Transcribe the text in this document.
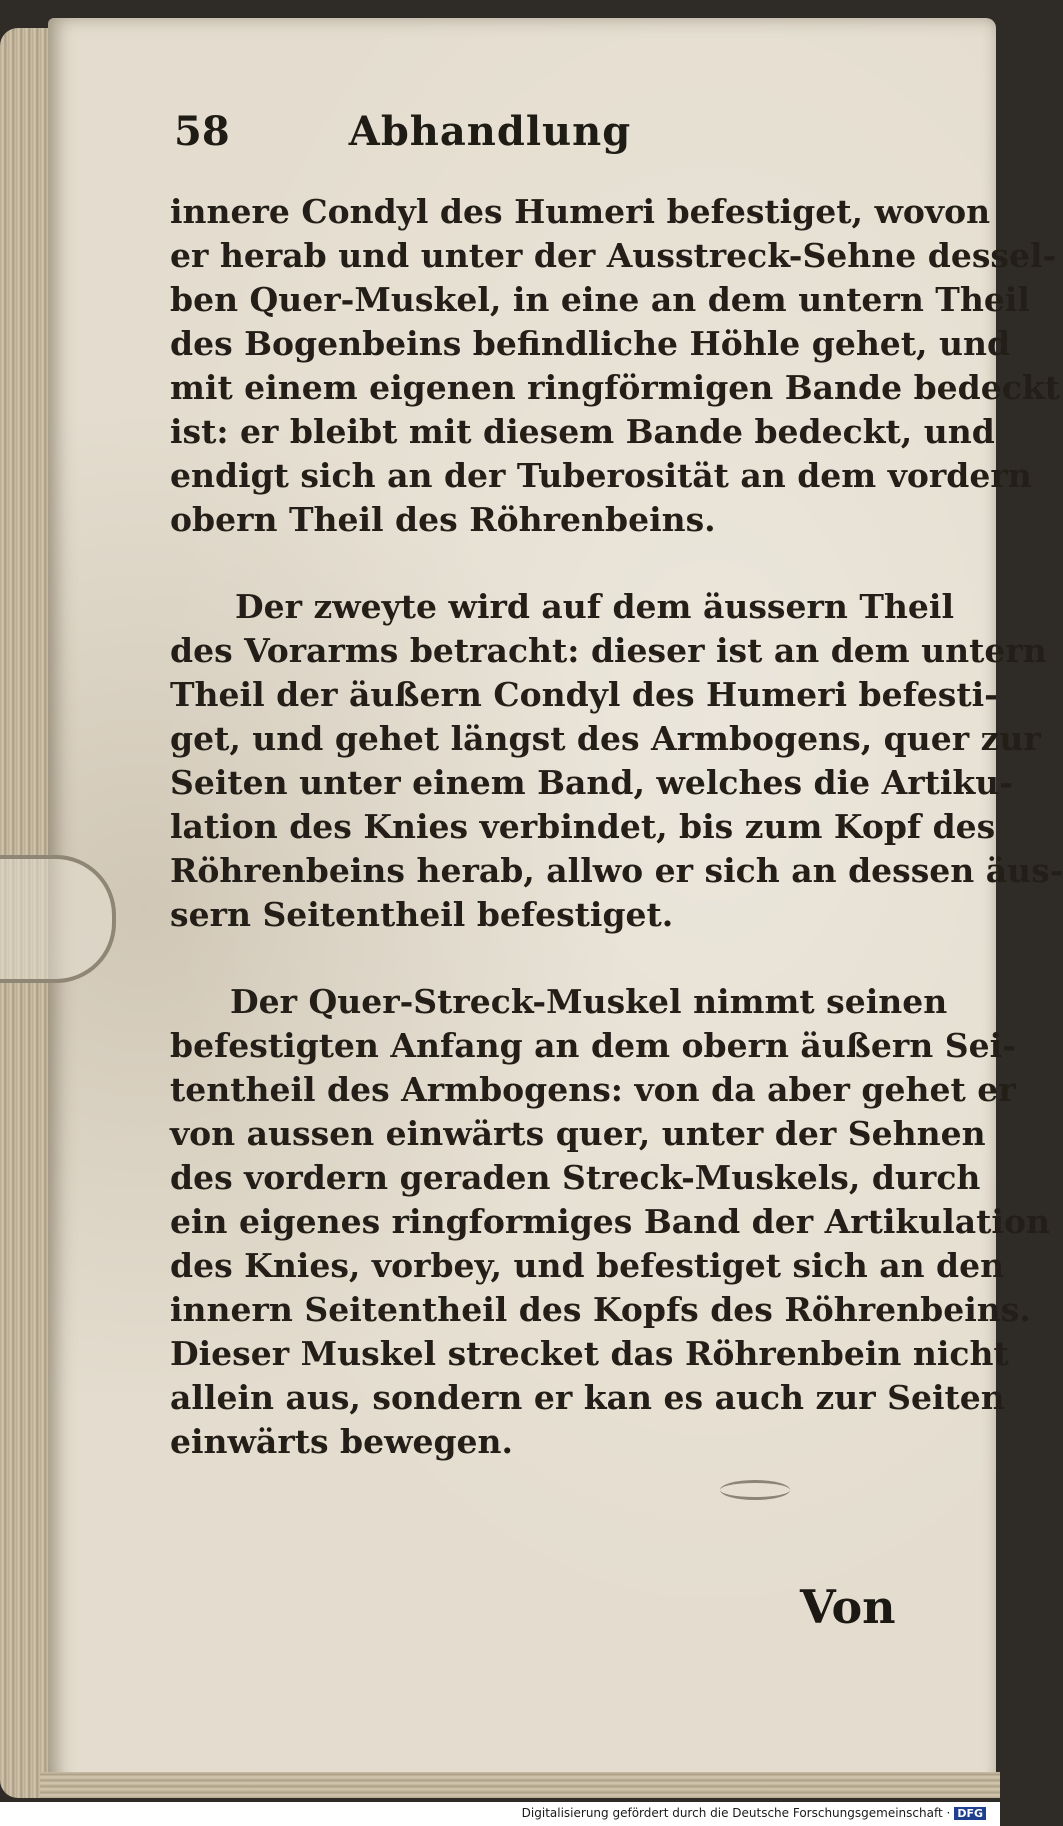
58	Abhandlung

innere Condyl des Humeri befestiget, wovon

er herab und unter der Ausstreck-Sehne dessel-

ben Quer-Muskel, in eine an dem untern Theil

des Bogenbeins befindliche Höhle gehet, und

mit einem eigenen ringförmigen Bande bedeckt

ist: er bleibt mit diesem Bande bedeckt, und

endigt sich an der Tuberosität an dem vordern

obern Theil des Röhrenbeins.

Der zweyte wird auf dem äussern Theil

des Vorarms betracht: dieser ist an dem untern

Theil der äußern Condyl des Humeri befesti-

get, und gehet längst des Armbogens, quer zur

Seiten unter einem Band, welches die Artiku-

lation des Knies verbindet, bis zum Kopf des

Röhrenbeins herab, allwo er sich an dessen äus-

sern Seitentheil befestiget.

Der Quer-Streck-Muskel nimmt seinen

befestigten Anfang an dem obern äußern Sei-

tentheil des Armbogens: von da aber gehet er

von aussen einwärts quer, unter der Sehnen

des vordern geraden Streck-Muskels, durch

ein eigenes ringformiges Band der Artikulation

des Knies, vorbey, und befestiget sich an den

innern Seitentheil des Kopfs des Röhrenbeins.

Dieser Muskel strecket das Röhrenbein nicht

allein aus, sondern er kan es auch zur Seiten

einwärts bewegen.

Von
Digitalisierung gefördert durch die Deutsche Forschungsgemeinschaft · DFG
